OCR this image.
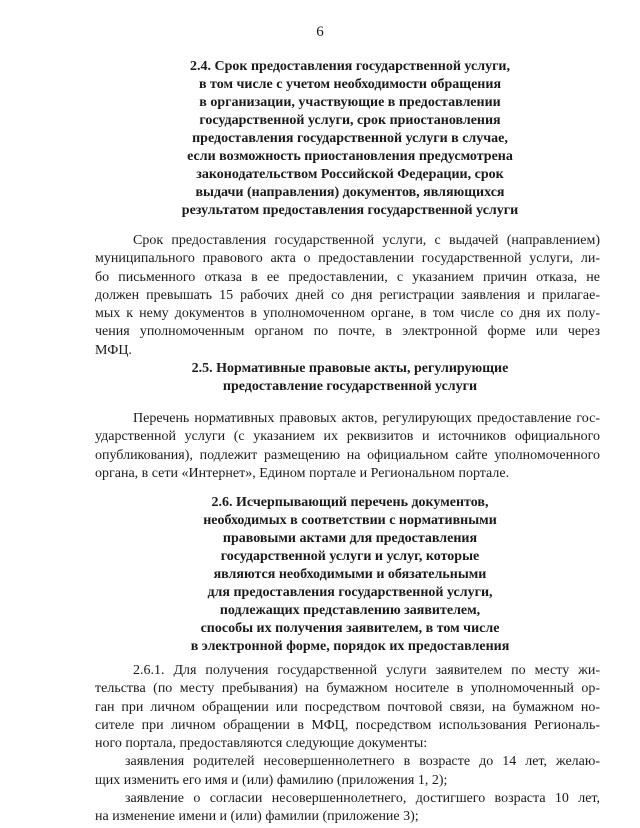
6
2.4. Срок предоставления государственной услуги,
в том числе с учетом необходимости обращения
в организации, участвующие в предоставлении
государственной услуги, срок приостановления
предоставления государственной услуги в случае,
если возможность приостановления предусмотрена
законодательством Российской Федерации, срок
выдачи (направления) документов, являющихся
результатом предоставления государственной услуги
Срок предоставления государственной услуги, с выдачей (направлением)
муниципального правового акта о предоставлении государственной услуги, ли-
бо письменного отказа в ее предоставлении, с указанием причин отказа, не
должен превышать 15 рабочих дней со дня регистрации заявления и прилагае-
мых к нему документов в уполномоченном органе, в том числе со дня их полу-
чения уполномоченным органом по почте, в электронной форме или через
МФЦ.
2.5. Нормативные правовые акты, регулирующие
предоставление государственной услуги
Перечень нормативных правовых актов, регулирующих предоставление гос-
ударственной услуги (с указанием их реквизитов и источников официального
опубликования), подлежит размещению на официальном сайте уполномоченного
органа, в сети «Интернет», Едином портале и Региональном портале.
2.6. Исчерпывающий перечень документов,
необходимых в соответствии с нормативными
правовыми актами для предоставления
государственной услуги и услуг, которые
являются необходимыми и обязательными
для предоставления государственной услуги,
подлежащих представлению заявителем,
способы их получения заявителем, в том числе
в электронной форме, порядок их предоставления
2.6.1. Для получения государственной услуги заявителем по месту жи-
тельства (по месту пребывания) на бумажном носителе в уполномоченный ор-
ган при личном обращении или посредством почтовой связи, на бумажном но-
сителе при личном обращении в МФЦ, посредством использования Региональ-
ного портала, предоставляются следующие документы:
заявления родителей несовершеннолетнего в возрасте до 14 лет, желаю-
щих изменить его имя и (или) фамилию (приложения 1, 2);
заявление о согласии несовершеннолетнего, достигшего возраста 10 лет,
на изменение имени и (или) фамилии (приложение 3);
